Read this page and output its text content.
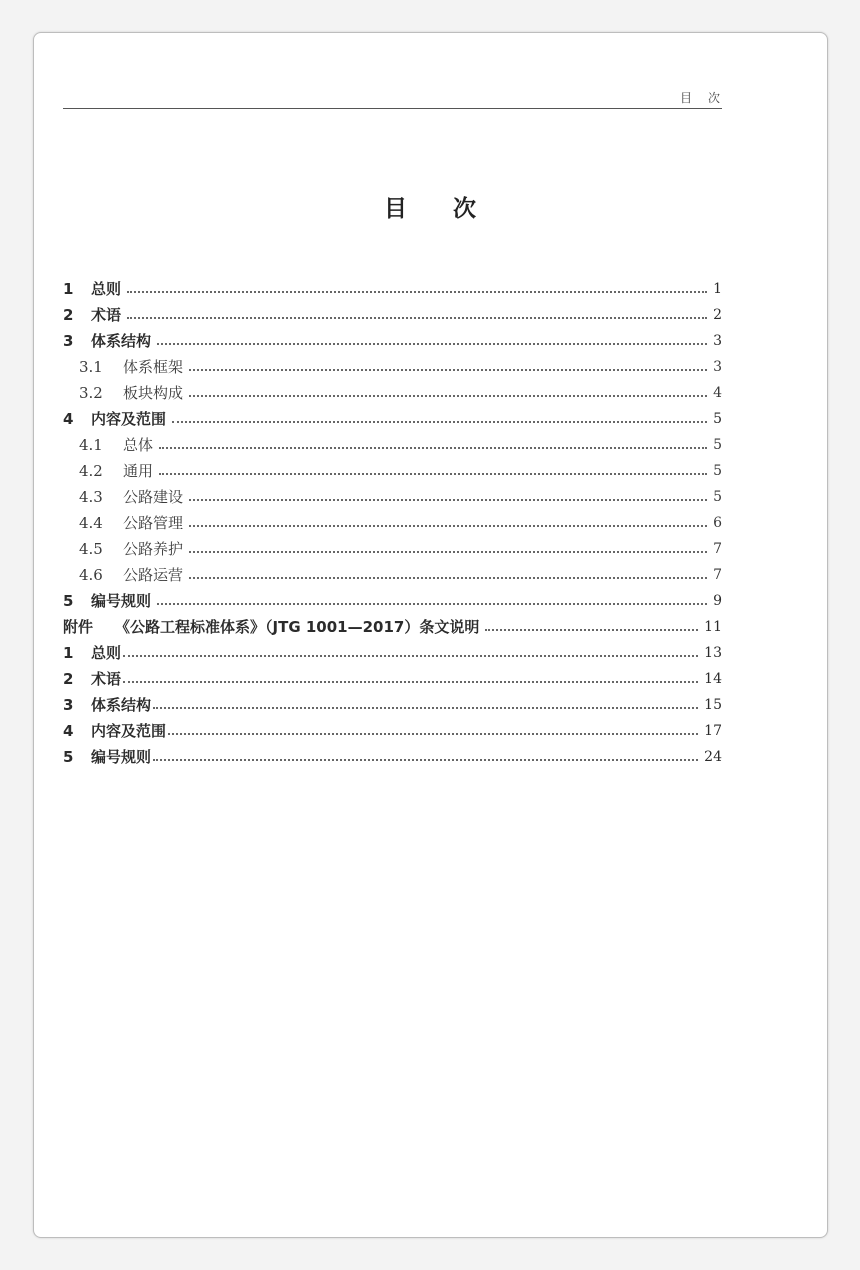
目次
目次
1	总则	1
2	术语	2
3	体系结构	3
3.1	体系框架	3
3.2	板块构成	4
4	内容及范围	5
4.1	总体	5
4.2	通用	5
4.3	公路建设	5
4.4	公路管理	6
4.5	公路养护	7
4.6	公路运营	7
5	编号规则	9
附件	《公路工程标准体系》（JTG 1001—2017）条文说明	11
1	总则	13
2	术语	14
3	体系结构	15
4	内容及范围	17
5	编号规则	24
